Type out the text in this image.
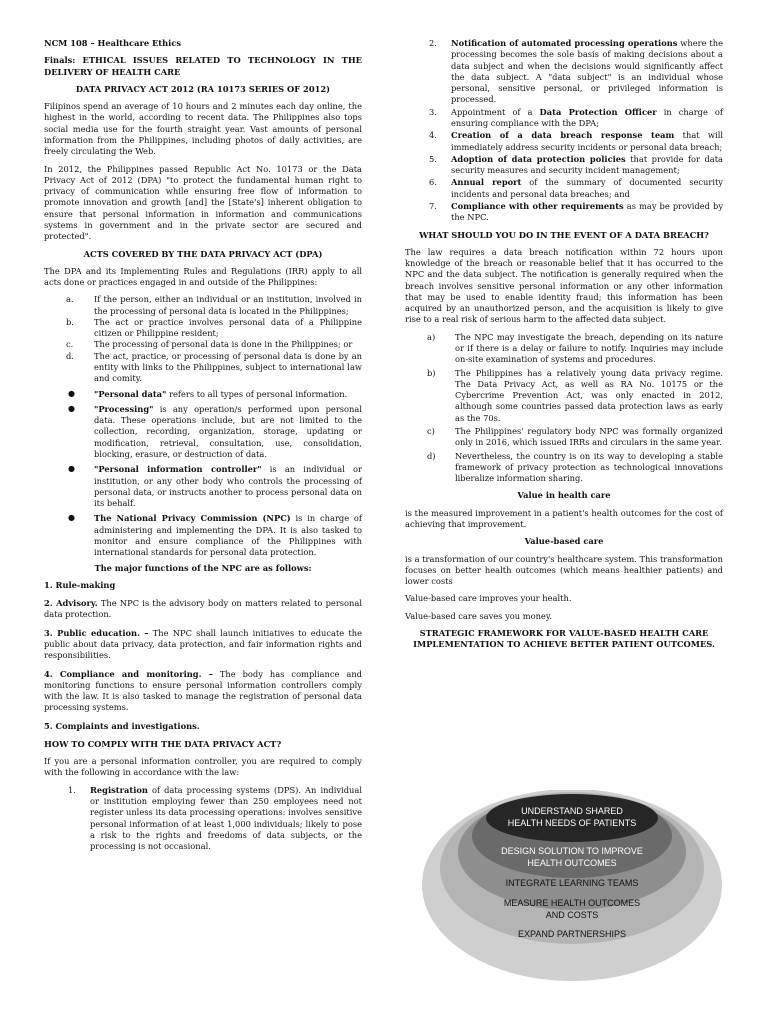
NCM 108 – Healthcare Ethics

Finals: ETHICAL ISSUES RELATED TO TECHNOLOGY IN THE DELIVERY OF HEALTH CARE

DATA PRIVACY ACT 2012 (RA 10173 SERIES OF 2012)

Filipinos spend an average of 10 hours and 2 minutes each day online, the highest in the world, according to recent data. The Philippines also tops social media use for the fourth straight year. Vast amounts of personal information from the Philippines, including photos of daily activities, are freely circulating the Web.

In 2012, the Philippines passed Republic Act No. 10173 or the Data Privacy Act of 2012 (DPA) "to protect the fundamental human right to privacy of communication while ensuring free flow of information to promote innovation and growth [and] the [State's] inherent obligation to ensure that personal information in information and communications systems in government and in the private sector are secured and protected".

ACTS COVERED BY THE DATA PRIVACY ACT (DPA)

The DPA and its Implementing Rules and Regulations (IRR) apply to all acts done or practices engaged in and outside of the Philippines:

a. If the person, either an individual or an institution, involved in the processing of personal data is located in the Philippines;
b. The act or practice involves personal data of a Philippine citizen or Philippine resident;
c. The processing of personal data is done in the Philippines; or
d. The act, practice, or processing of personal data is done by an entity with links to the Philippines, subject to international law and comity.
● "Personal data" refers to all types of personal information.
● "Processing" is any operation/s performed upon personal data. These operations include, but are not limited to the collection, recording, organization, storage, updating or modification, retrieval, consultation, use, consolidation, blocking, erasure, or destruction of data.
● "Personal information controller" is an individual or institution, or any other body who controls the processing of personal data, or instructs another to process personal data on its behalf.
● The National Privacy Commission (NPC) is in charge of administering and implementing the DPA. It is also tasked to monitor and ensure compliance of the Philippines with international standards for personal data protection.

The major functions of the NPC are as follows:

1. Rule-making

2. Advisory. The NPC is the advisory body on matters related to personal data protection.

3. Public education. – The NPC shall launch initiatives to educate the public about data privacy, data protection, and fair information rights and responsibilities.

4. Compliance and monitoring. – The body has compliance and monitoring functions to ensure personal information controllers comply with the law. It is also tasked to manage the registration of personal data processing systems.

5. Complaints and investigations.

HOW TO COMPLY WITH THE DATA PRIVACY ACT?

If you are a personal information controller, you are required to comply with the following in accordance with the law:

1. Registration of data processing systems (DPS). An individual or institution employing fewer than 250 employees need not register unless its data processing operations: involves sensitive personal information of at least 1,000 individuals; likely to pose a risk to the rights and freedoms of data subjects, or the processing is not occasional.
2. Notification of automated processing operations where the processing becomes the sole basis of making decisions about a data subject and when the decisions would significantly affect the data subject. A "data subject" is an individual whose personal, sensitive personal, or privileged information is processed.
3. Appointment of a Data Protection Officer in charge of ensuring compliance with the DPA;
4. Creation of a data breach response team that will immediately address security incidents or personal data breach;
5. Adoption of data protection policies that provide for data security measures and security incident management;
6. Annual report of the summary of documented security incidents and personal data breaches; and
7. Compliance with other requirements as may be provided by the NPC.

WHAT SHOULD YOU DO IN THE EVENT OF A DATA BREACH?

The law requires a data breach notification within 72 hours upon knowledge of the breach or reasonable belief that it has occurred to the NPC and the data subject. The notification is generally required when the breach involves sensitive personal information or any other information that may be used to enable identity fraud; this information has been acquired by an unauthorized person, and the acquisition is likely to give rise to a real risk of serious harm to the affected data subject.

a) The NPC may investigate the breach, depending on its nature or if there is a delay or failure to notify. Inquiries may include on-site examination of systems and procedures.
b) The Philippines has a relatively young data privacy regime. The Data Privacy Act, as well as RA No. 10175 or the Cybercrime Prevention Act, was only enacted in 2012, although some countries passed data protection laws as early as the 70s.
c) The Philippines' regulatory body NPC was formally organized only in 2016, which issued IRRs and circulars in the same year.
d) Nevertheless, the country is on its way to developing a stable framework of privacy protection as technological innovations liberalize information sharing.

Value in health care

is the measured improvement in a patient's health outcomes for the cost of achieving that improvement.

Value-based care

is a transformation of our country's healthcare system. This transformation focuses on better health outcomes (which means healthier patients) and lower costs

Value-based care improves your health.

Value-based care saves you money.

STRATEGIC FRAMEWORK FOR VALUE-BASED HEALTH CARE IMPLEMENTATION TO ACHIEVE BETTER PATIENT OUTCOMES.

UNDERSTAND SHARED
HEALTH NEEDS OF PATIENTS
DESIGN SOLUTION TO IMPROVE
HEALTH OUTCOMES
INTEGRATE LEARNING TEAMS
MEASURE HEALTH OUTCOMES
AND COSTS
EXPAND PARTNERSHIPS
